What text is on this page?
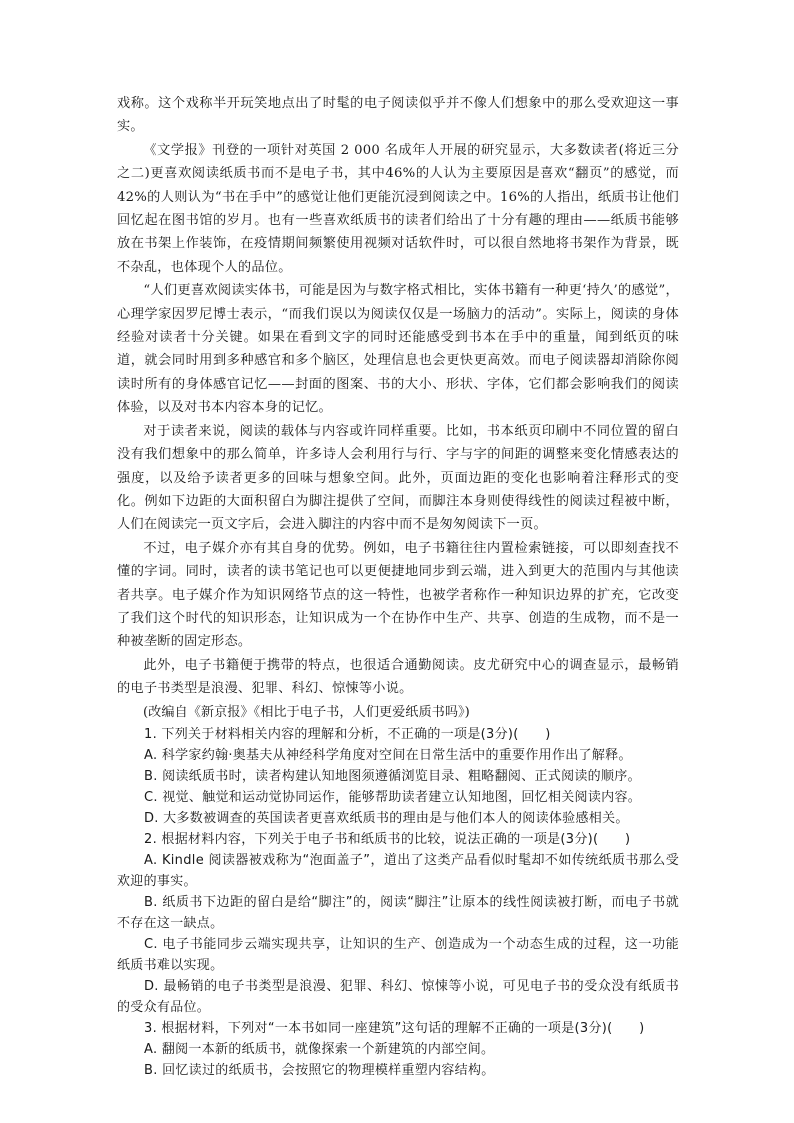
戏称。这个戏称半开玩笑地点出了时髦的电子阅读似乎并不像人们想象中的那么受欢迎这一事实。

《文学报》刊登的一项针对英国 2 000 名成年人开展的研究显示，大多数读者(将近三分之二)更喜欢阅读纸质书而不是电子书，其中46%的人认为主要原因是喜欢“翻页”的感觉，而42%的人则认为“书在手中”的感觉让他们更能沉浸到阅读之中。16%的人指出，纸质书让他们回忆起在图书馆的岁月。也有一些喜欢纸质书的读者们给出了十分有趣的理由——纸质书能够放在书架上作装饰，在疫情期间频繁使用视频对话软件时，可以很自然地将书架作为背景，既不杂乱，也体现个人的品位。

“人们更喜欢阅读实体书，可能是因为与数字格式相比，实体书籍有一种更‘持久’的感觉”，心理学家因罗尼博士表示，“而我们误以为阅读仅仅是一场脑力的活动”。实际上，阅读的身体经验对读者十分关键。如果在看到文字的同时还能感受到书本在手中的重量，闻到纸页的味道，就会同时用到多种感官和多个脑区，处理信息也会更快更高效。而电子阅读器却消除你阅读时所有的身体感官记忆——封面的图案、书的大小、形状、字体，它们都会影响我们的阅读体验，以及对书本内容本身的记忆。

对于读者来说，阅读的载体与内容或许同样重要。比如，书本纸页印刷中不同位置的留白没有我们想象中的那么简单，许多诗人会利用行与行、字与字的间距的调整来变化情感表达的强度，以及给予读者更多的回味与想象空间。此外，页面边距的变化也影响着注释形式的变化。例如下边距的大面积留白为脚注提供了空间，而脚注本身则使得线性的阅读过程被中断，人们在阅读完一页文字后，会进入脚注的内容中而不是匆匆阅读下一页。

不过，电子媒介亦有其自身的优势。例如，电子书籍往往内置检索链接，可以即刻查找不懂的字词。同时，读者的读书笔记也可以更便捷地同步到云端，进入到更大的范围内与其他读者共享。电子媒介作为知识网络节点的这一特性，也被学者称作一种知识边界的扩充，它改变了我们这个时代的知识形态，让知识成为一个在协作中生产、共享、创造的生成物，而不是一种被垄断的固定形态。

此外，电子书籍便于携带的特点，也很适合通勤阅读。皮尤研究中心的调查显示，最畅销的电子书类型是浪漫、犯罪、科幻、惊悚等小说。

(改编自《新京报》《相比于电子书，人们更爱纸质书吗》)

1. 下列关于材料相关内容的理解和分析，不正确的一项是(3分)(　　)

A. 科学家约翰·奥基夫从神经科学角度对空间在日常生活中的重要作用作出了解释。

B. 阅读纸质书时，读者构建认知地图须遵循浏览目录、粗略翻阅、正式阅读的顺序。

C. 视觉、触觉和运动觉协同运作，能够帮助读者建立认知地图，回忆相关阅读内容。

D. 大多数被调查的英国读者更喜欢纸质书的理由是与他们本人的阅读体验感相关。

2. 根据材料内容，下列关于电子书和纸质书的比较，说法正确的一项是(3分)(　　)

A. Kindle 阅读器被戏称为“泡面盖子”，道出了这类产品看似时髦却不如传统纸质书那么受欢迎的事实。

B. 纸质书下边距的留白是给“脚注”的，阅读“脚注”让原本的线性阅读被打断，而电子书就不存在这一缺点。

C. 电子书能同步云端实现共享，让知识的生产、创造成为一个动态生成的过程，这一功能纸质书难以实现。

D. 最畅销的电子书类型是浪漫、犯罪、科幻、惊悚等小说，可见电子书的受众没有纸质书的受众有品位。

3. 根据材料，下列对“一本书如同一座建筑”这句话的理解不正确的一项是(3分)(　　)

A. 翻阅一本新的纸质书，就像探索一个新建筑的内部空间。

B. 回忆读过的纸质书，会按照它的物理模样重塑内容结构。
